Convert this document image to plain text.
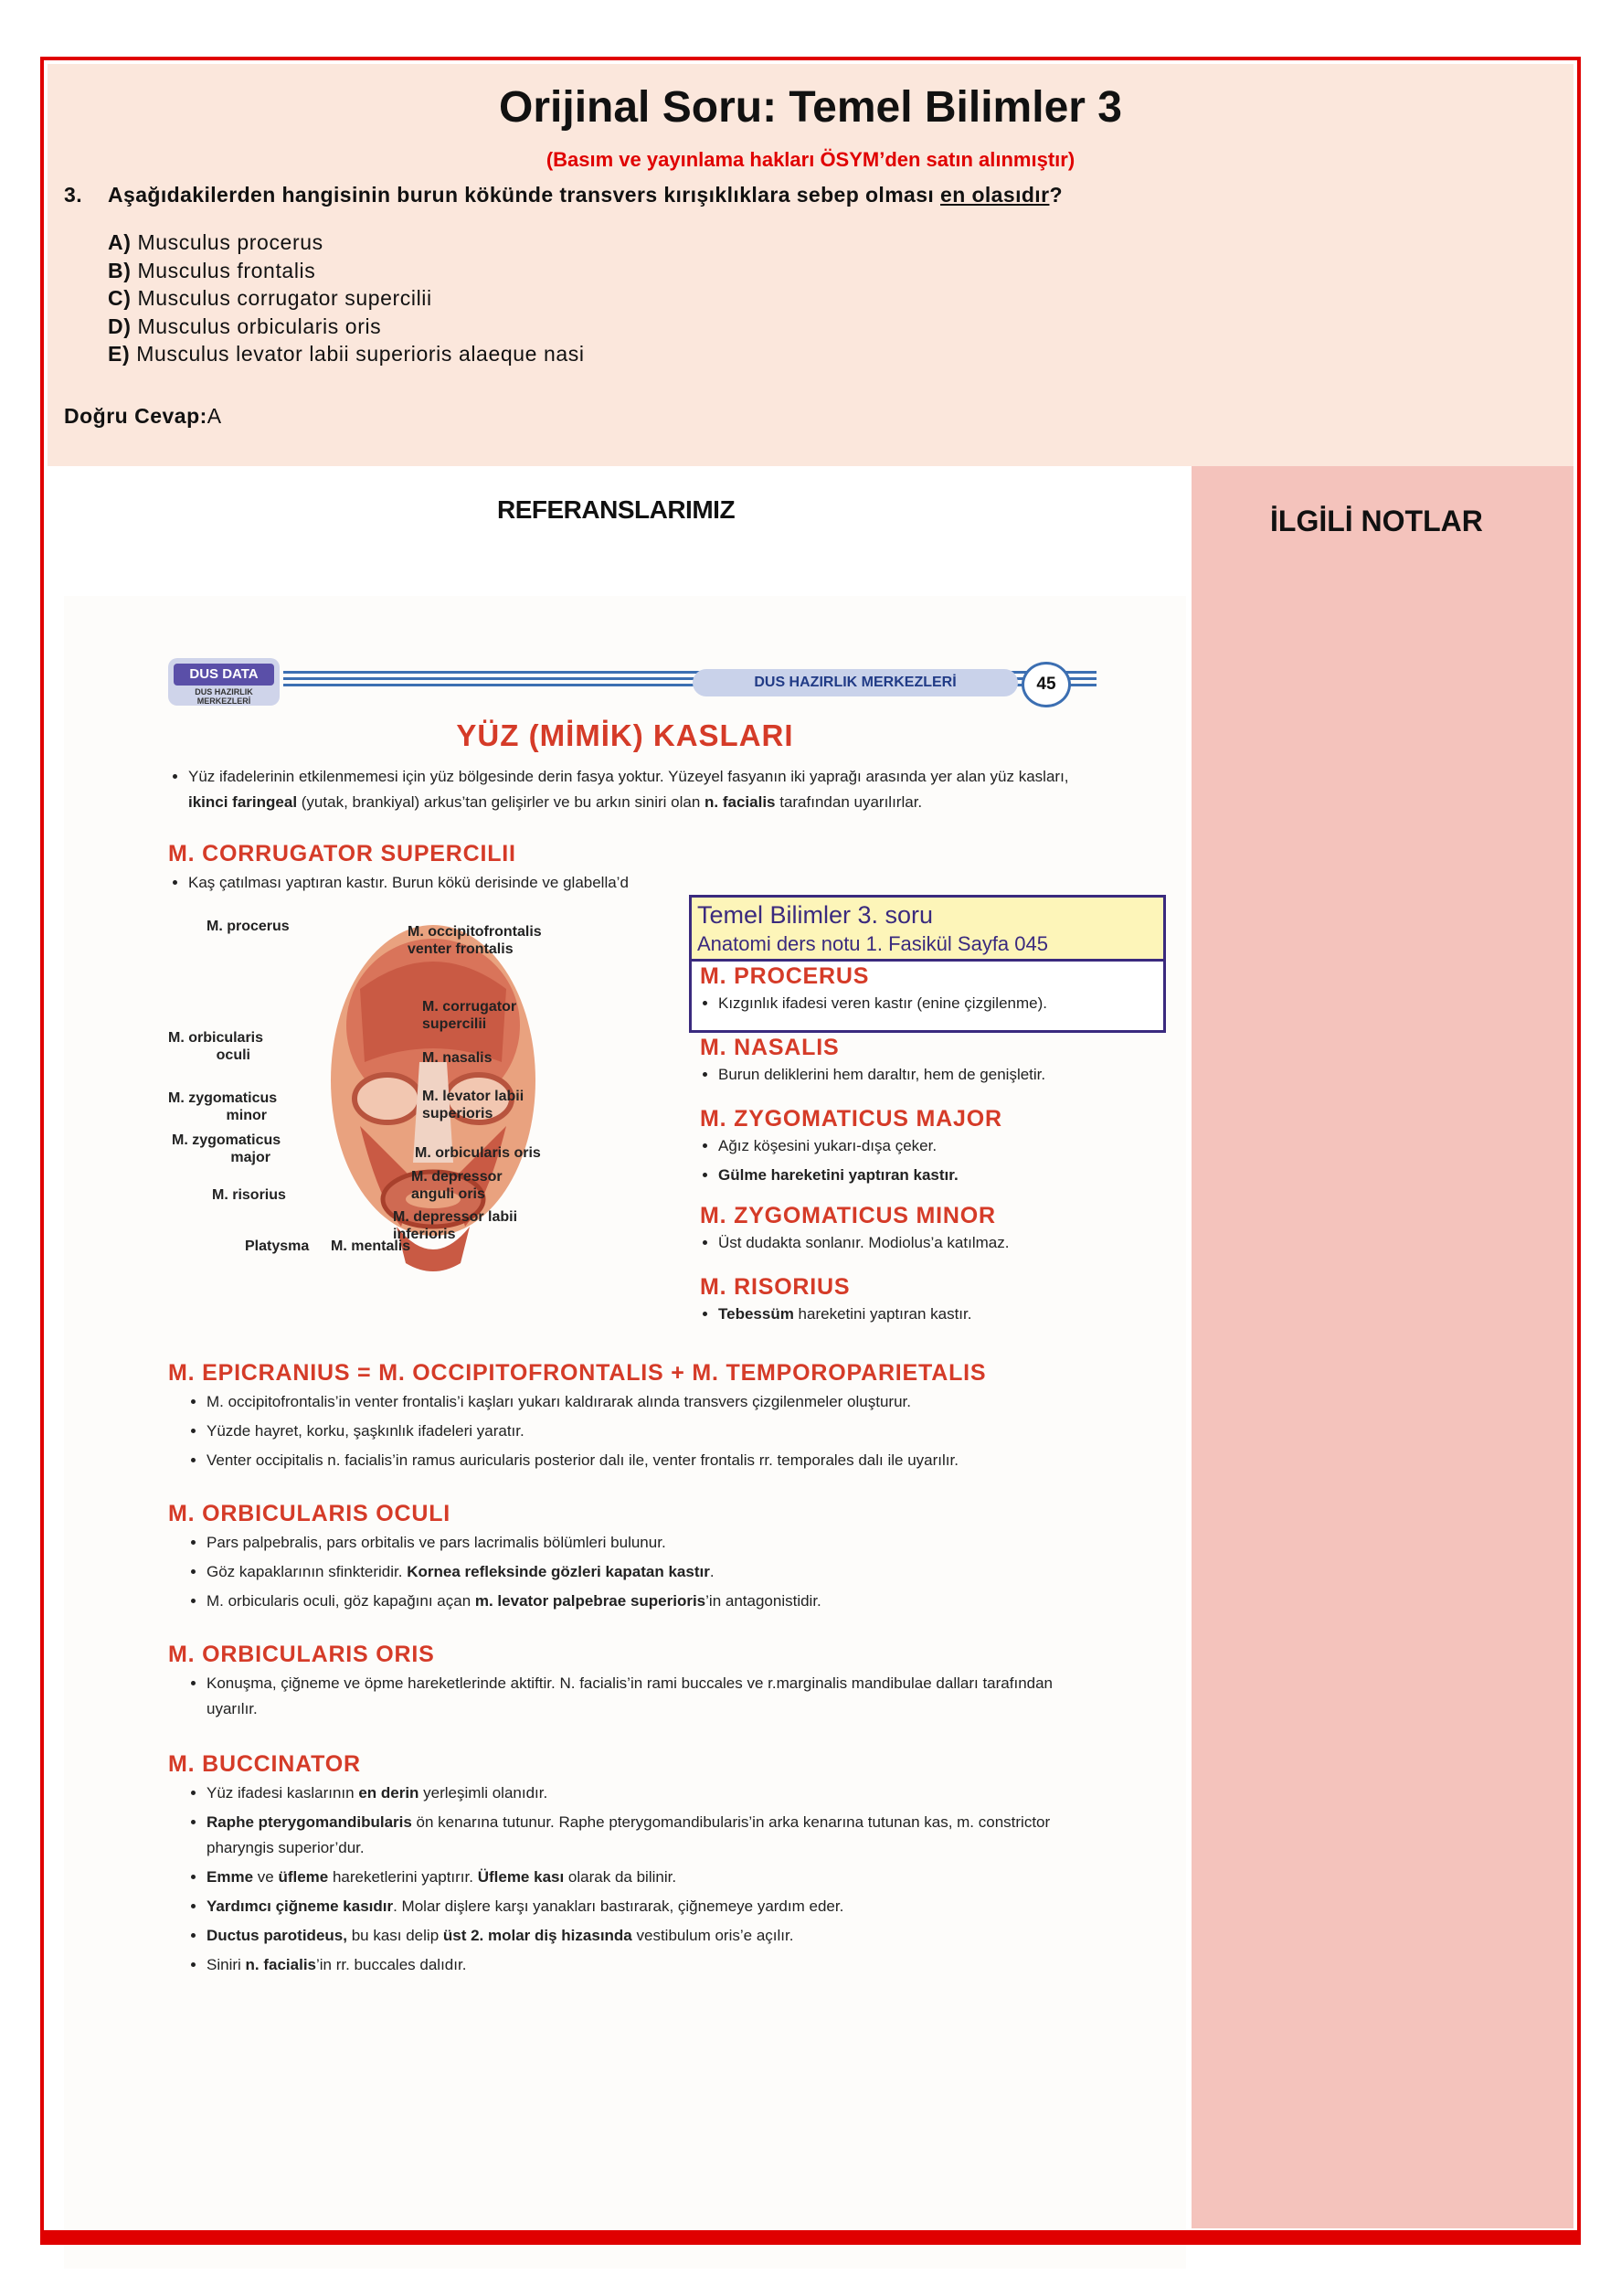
Orijinal Soru: Temel Bilimler 3
(Basım ve yayınlama hakları ÖSYM’den satın alınmıştır)
3. Aşağıdakilerden hangisinin burun kökünde transvers kırışıklıklara sebep olması en olasıdır?
A) Musculus procerus
B) Musculus frontalis
C) Musculus corrugator supercilii
D) Musculus orbicularis oris
E) Musculus levator labii superioris alaeque nasi
Doğru Cevap:A
REFERANSLARIMIZ	İLGİLİ NOTLAR
DUS DATA
DUS HAZIRLIK MERKEZLERİ
DUS HAZIRLIK MERKEZLERİ	45
YÜZ (MİMİK) KASLARI
• Yüz ifadelerinin etkilenmemesi için yüz bölgesinde derin fasya yoktur. Yüzeyel fasyanın iki yaprağı arasında yer alan yüz kasları, ikinci faringeal (yutak, brankiyal) arkus’tan gelişirler ve bu arkın siniri olan n. facialis tarafından uyarılırlar.
M. CORRUGATOR SUPERCILII
• Kaş çatılması yaptıran kastır. Burun kökü derisinde ve glabella’d
M. procerus	M. occipitofrontalis
venter frontalis
M. corrugator
supercilii
M. orbicularis
oculi	M. nasalis
M. zygomaticus
minor
M. levator labii
superioris
M. zygomaticus
major	M. orbicularis oris
M. depressor
anguli oris
M. risorius
M. depressor labii
inferioris
Platysma M. mentalis
Temel Bilimler 3. soru
Anatomi ders notu 1. Fasikül Sayfa 045
M. PROCERUS
• Kızgınlık ifadesi veren kastır (enine çizgilenme).
M. NASALIS
• Burun deliklerini hem daraltır, hem de genişletir.
M. ZYGOMATICUS MAJOR
• Ağız köşesini yukarı-dışa çeker.
• Gülme hareketini yaptıran kastır.
M. ZYGOMATICUS MINOR
• Üst dudakta sonlanır. Modiolus’a katılmaz.
M. RISORIUS
• Tebessüm hareketini yaptıran kastır.
M. EPICRANIUS = M. OCCIPITOFRONTALIS + M. TEMPOROPARIETALIS
• M. occipitofrontalis’in venter frontalis’i kaşları yukarı kaldırarak alında transvers çizgilenmeler oluşturur.
• Yüzde hayret, korku, şaşkınlık ifadeleri yaratır.
• Venter occipitalis n. facialis’in ramus auricularis posterior dalı ile, venter frontalis rr. temporales dalı ile uyarılır.
M. ORBICULARIS OCULI
• Pars palpebralis, pars orbitalis ve pars lacrimalis bölümleri bulunur.
• Göz kapaklarının sfinkteridir. Kornea refleksinde gözleri kapatan kastır.
• M. orbicularis oculi, göz kapağını açan m. levator palpebrae superioris’in antagonistidir.
M. ORBICULARIS ORIS
• Konuşma, çiğneme ve öpme hareketlerinde aktiftir. N. facialis’in rami buccales ve r.marginalis mandibulae dalları tarafından uyarılır.
M. BUCCINATOR
• Yüz ifadesi kaslarının en derin yerleşimli olanıdır.
• Raphe pterygomandibularis ön kenarına tutunur. Raphe pterygomandibularis’in arka kenarına tutunan kas, m. constrictor pharyngis superior’dur.
• Emme ve üfleme hareketlerini yaptırır. Üfleme kası olarak da bilinir.
• Yardımcı çiğneme kasıdır. Molar dişlere karşı yanakları bastırarak, çiğnemeye yardım eder.
• Ductus parotideus, bu kası delip üst 2. molar diş hizasında vestibulum oris’e açılır.
• Siniri n. facialis’in rr. buccales dalıdır.
